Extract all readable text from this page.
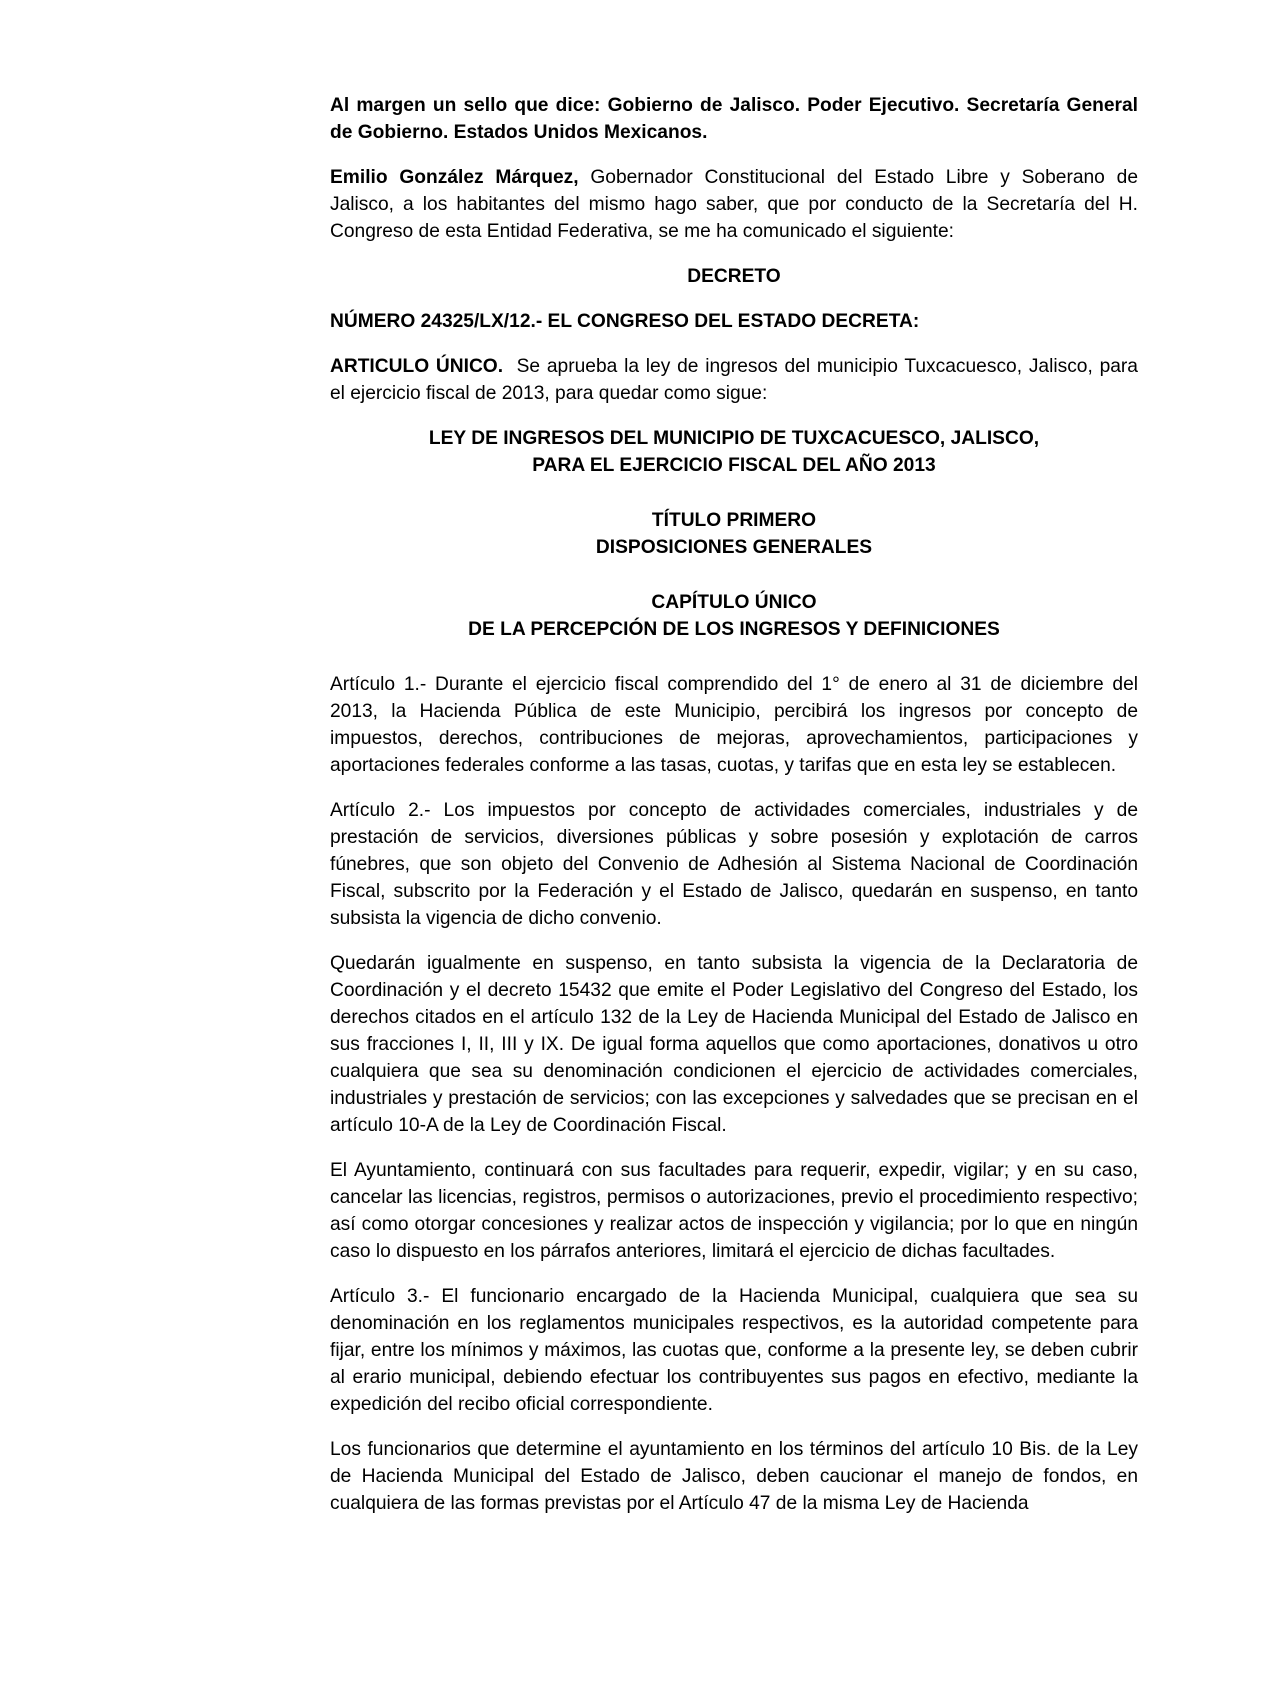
Al margen un sello que dice: Gobierno de Jalisco. Poder Ejecutivo. Secretaría General de Gobierno. Estados Unidos Mexicanos.

Emilio González Márquez, Gobernador Constitucional del Estado Libre y Soberano de Jalisco, a los habitantes del mismo hago saber, que por conducto de la Secretaría del H. Congreso de esta Entidad Federativa, se me ha comunicado el siguiente:

DECRETO

NÚMERO 24325/LX/12.- EL CONGRESO DEL ESTADO DECRETA:

ARTICULO ÚNICO.  Se aprueba la ley de ingresos del municipio Tuxcacuesco, Jalisco, para el ejercicio fiscal de 2013, para quedar como sigue:

LEY DE INGRESOS DEL MUNICIPIO DE TUXCACUESCO, JALISCO,
PARA EL EJERCICIO FISCAL DEL AÑO 2013
TÍTULO PRIMERO
DISPOSICIONES GENERALES
CAPÍTULO ÚNICO
DE LA PERCEPCIÓN DE LOS INGRESOS Y DEFINICIONES

Artículo 1.- Durante el ejercicio fiscal comprendido del 1° de enero al 31 de diciembre del 2013, la Hacienda Pública de este Municipio, percibirá los ingresos por concepto de impuestos, derechos, contribuciones de mejoras, aprovechamientos, participaciones y aportaciones federales conforme a las tasas, cuotas, y tarifas que en esta ley se establecen.

Artículo 2.- Los impuestos por concepto de actividades comerciales, industriales y de prestación de servicios, diversiones públicas y sobre posesión y explotación de carros fúnebres, que son objeto del Convenio de Adhesión al Sistema Nacional de Coordinación Fiscal, subscrito por la Federación y el Estado de Jalisco, quedarán en suspenso, en tanto subsista la vigencia de dicho convenio.

Quedarán igualmente en suspenso, en tanto subsista la vigencia de la Declaratoria de Coordinación y el decreto 15432 que emite el Poder Legislativo del Congreso del Estado, los derechos citados en el artículo 132 de la Ley de Hacienda Municipal del Estado de Jalisco en sus fracciones I, II, III y IX. De igual forma aquellos que como aportaciones, donativos u otro cualquiera que sea su denominación condicionen el ejercicio de actividades comerciales, industriales y prestación de servicios; con las excepciones y salvedades que se precisan en el artículo 10-A de la Ley de Coordinación Fiscal.

El Ayuntamiento, continuará con sus facultades para requerir, expedir, vigilar; y en su caso, cancelar las licencias, registros, permisos o autorizaciones, previo el procedimiento respectivo; así como otorgar concesiones y realizar actos de inspección y vigilancia; por lo que en ningún caso lo dispuesto en los párrafos anteriores, limitará el ejercicio de dichas facultades.

Artículo 3.- El funcionario encargado de la Hacienda Municipal, cualquiera que sea su denominación en los reglamentos municipales respectivos, es la autoridad competente para fijar, entre los mínimos y máximos, las cuotas que, conforme a la presente ley, se deben cubrir al erario municipal, debiendo efectuar los contribuyentes sus pagos en efectivo, mediante la expedición del recibo oficial correspondiente.

Los funcionarios que determine el ayuntamiento en los términos del artículo 10 Bis. de la Ley de Hacienda Municipal del Estado de Jalisco, deben caucionar el manejo de fondos, en cualquiera de las formas previstas por el Artículo 47 de la misma Ley de Hacienda
